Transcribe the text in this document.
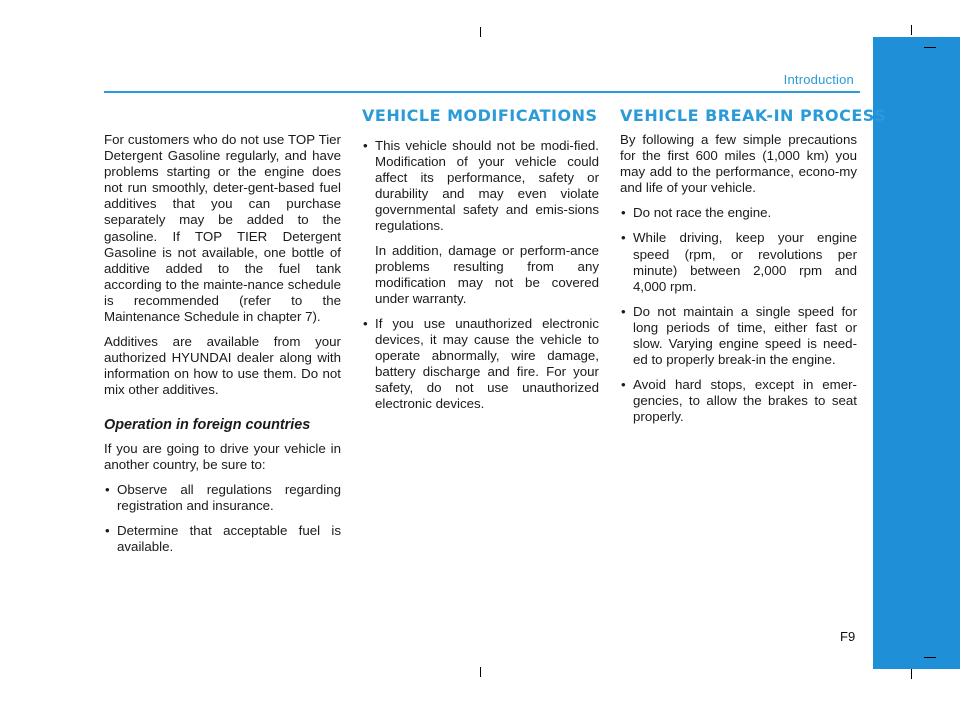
Introduction

For customers who do not use TOP Tier Detergent Gasoline regularly, and have problems starting or the engine does not run smoothly, deter-gent-based fuel additives that you can purchase separately may be added to the gasoline. If TOP TIER Detergent Gasoline is not available, one bottle of additive added to the fuel tank according to the mainte-nance schedule is recommended (refer to the Maintenance Schedule in chapter 7).

Additives are available from your authorized HYUNDAI dealer along with information on how to use them. Do not mix other additives.

Operation in foreign countries

If you are going to drive your vehicle in another country, be sure to:

• Observe all regulations regarding registration and insurance.
• Determine that acceptable fuel is available.
VEHICLE MODIFICATIONS
• This vehicle should not be modi-fied. Modification of your vehicle could affect its performance, safety or durability and may even violate governmental safety and emis-sions regulations.

In addition, damage or perform-ance problems resulting from any modification may not be covered under warranty.

• If you use unauthorized electronic devices, it may cause the vehicle to operate abnormally, wire damage, battery discharge and fire. For your safety, do not use unauthorized electronic devices.
VEHICLE BREAK-IN PROCESS

By following a few simple precautions for the first 600 miles (1,000 km) you may add to the performance, econo-my and life of your vehicle.

• Do not race the engine.
• While driving, keep your engine speed (rpm, or revolutions per minute) between 2,000 rpm and 4,000 rpm.
• Do not maintain a single speed for long periods of time, either fast or slow. Varying engine speed is need-ed to properly break-in the engine.
• Avoid hard stops, except in emer-gencies, to allow the brakes to seat properly.
F9
